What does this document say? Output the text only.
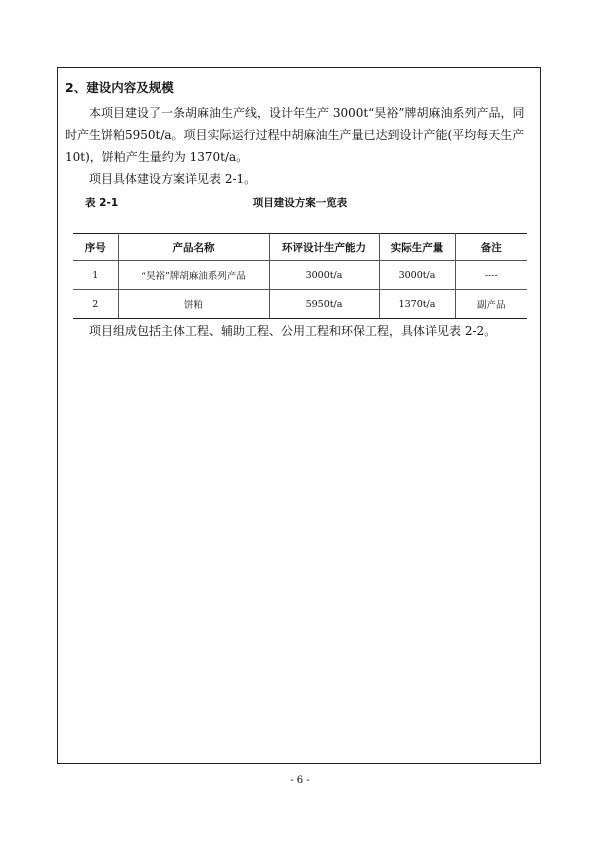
2、建设内容及规模

本项目建设了一条胡麻油生产线，设计年生产 3000t“昊裕”牌胡麻油系列产品，同时产生饼粕5950t/a。项目实际运行过程中胡麻油生产量已达到设计产能(平均每天生产10t)，饼粕产生量约为 1370t/a。

项目具体建设方案详见表 2-1。

表 2-1	项目建设方案一览表
序号	产品名称	环评设计生产能力	实际生产量	备注
1	“昊裕”牌胡麻油系列产品	3000t/a	3000t/a	----
2	饼粕	5950t/a	1370t/a	副产品

项目组成包括主体工程、辅助工程、公用工程和环保工程，具体详见表 2-2。

- 6 -
